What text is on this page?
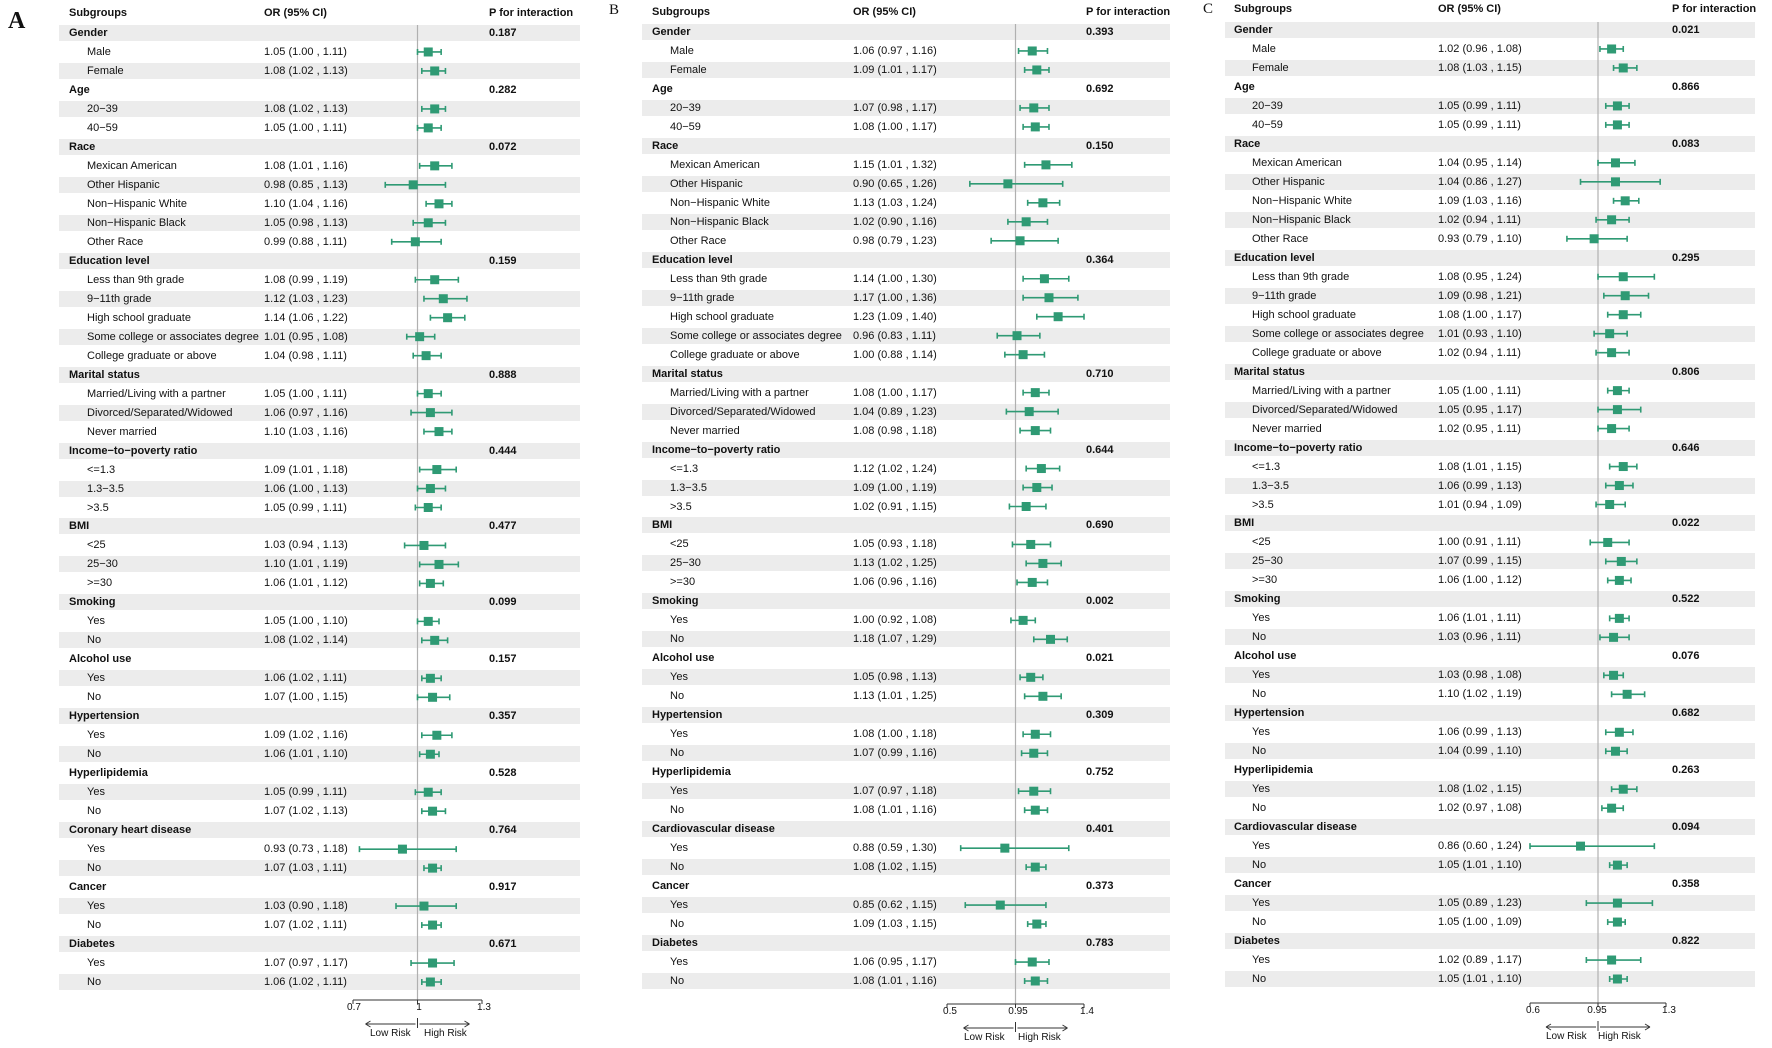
A	Subgroups	OR (95% CI)	P for interaction
Gender	0.187
Male	1.05 (1.00 , 1.11)
Female	1.08 (1.02 , 1.13)
Age	0.282
20−39	1.08 (1.02 , 1.13)
40−59	1.05 (1.00 , 1.11)
Race	0.072
Mexican American	1.08 (1.01 , 1.16)
Other Hispanic	0.98 (0.85 , 1.13)
Non−Hispanic White	1.10 (1.04 , 1.16)
Non−Hispanic Black	1.05 (0.98 , 1.13)
Other Race	0.99 (0.88 , 1.11)
Education level	0.159
Less than 9th grade	1.08 (0.99 , 1.19)
9−11th grade	1.12 (1.03 , 1.23)
High school graduate	1.14 (1.06 , 1.22)
Some college or associates degree 1.01 (0.95 , 1.08)
College graduate or above	1.04 (0.98 , 1.11)
Marital status	0.888
Married/Living with a partner	1.05 (1.00 , 1.11)
Divorced/Separated/Widowed	1.06 (0.97 , 1.16)
Never married	1.10 (1.03 , 1.16)
Income−to−poverty ratio	0.444
<=1.3	1.09 (1.01 , 1.18)
1.3−3.5	1.06 (1.00 , 1.13)
>3.5	1.05 (0.99 , 1.11)
BMI	0.477
<25	1.03 (0.94 , 1.13)
25−30	1.10 (1.01 , 1.19)
>=30	1.06 (1.01 , 1.12)
Smoking	0.099
Yes	1.05 (1.00 , 1.10)
No	1.08 (1.02 , 1.14)
Alcohol use	0.157
Yes	1.06 (1.02 , 1.11)
No	1.07 (1.00 , 1.15)
Hypertension	0.357
Yes	1.09 (1.02 , 1.16)
No	1.06 (1.01 , 1.10)
Hyperlipidemia	0.528
Yes	1.05 (0.99 , 1.11)
No	1.07 (1.02 , 1.13)
Coronary heart disease	0.764
Yes	0.93 (0.73 , 1.18)
No	1.07 (1.03 , 1.11)
Cancer	0.917
Yes	1.03 (0.90 , 1.18)
No	1.07 (1.02 , 1.11)
Diabetes	0.671
Yes	1.07 (0.97 , 1.17)
No	1.06 (1.02 , 1.11)
0.7	1	1.3
Low Risk High Risk
B	Subgroups	OR (95% CI)	P for interaction
Gender	0.393
Male	1.06 (0.97 , 1.16)
Female	1.09 (1.01 , 1.17)
Age	0.692
20−39	1.07 (0.98 , 1.17)
40−59	1.08 (1.00 , 1.17)
Race	0.150
Mexican American	1.15 (1.01 , 1.32)
Other Hispanic	0.90 (0.65 , 1.26)
Non−Hispanic White	1.13 (1.03 , 1.24)
Non−Hispanic Black	1.02 (0.90 , 1.16)
Other Race	0.98 (0.79 , 1.23)
Education level	0.364
Less than 9th grade	1.14 (1.00 , 1.30)
9−11th grade	1.17 (1.00 , 1.36)
High school graduate	1.23 (1.09 , 1.40)
Some college or associates degree 0.96 (0.83 , 1.11)
College graduate or above	1.00 (0.88 , 1.14)
Marital status	0.710
Married/Living with a partner	1.08 (1.00 , 1.17)
Divorced/Separated/Widowed	1.04 (0.89 , 1.23)
Never married	1.08 (0.98 , 1.18)
Income−to−poverty ratio	0.644
<=1.3	1.12 (1.02 , 1.24)
1.3−3.5	1.09 (1.00 , 1.19)
>3.5	1.02 (0.91 , 1.15)
BMI	0.690
<25	1.05 (0.93 , 1.18)
25−30	1.13 (1.02 , 1.25)
>=30	1.06 (0.96 , 1.16)
Smoking	0.002
Yes	1.00 (0.92 , 1.08)
No	1.18 (1.07 , 1.29)
Alcohol use	0.021
Yes	1.05 (0.98 , 1.13)
No	1.13 (1.01 , 1.25)
Hypertension	0.309
Yes	1.08 (1.00 , 1.18)
No	1.07 (0.99 , 1.16)
Hyperlipidemia	0.752
Yes	1.07 (0.97 , 1.18)
No	1.08 (1.01 , 1.16)
Cardiovascular disease	0.401
Yes	0.88 (0.59 , 1.30)
No	1.08 (1.02 , 1.15)
Cancer	0.373
Yes	0.85 (0.62 , 1.15)
No	1.09 (1.03 , 1.15)
Diabetes	0.783
Yes	1.06 (0.95 , 1.17)
No	1.08 (1.01 , 1.16)
0.5	0.95	1.4
Low Risk High Risk
C Subgroups	OR (95% CI)	P for interaction
Gender	0.021
Male	1.02 (0.96 , 1.08)
Female	1.08 (1.03 , 1.15)
Age	0.866
20−39	1.05 (0.99 , 1.11)
40−59	1.05 (0.99 , 1.11)
Race	0.083
Mexican American	1.04 (0.95 , 1.14)
Other Hispanic	1.04 (0.86 , 1.27)
Non−Hispanic White	1.09 (1.03 , 1.16)
Non−Hispanic Black	1.02 (0.94 , 1.11)
Other Race	0.93 (0.79 , 1.10)
Education level	0.295
Less than 9th grade	1.08 (0.95 , 1.24)
9−11th grade	1.09 (0.98 , 1.21)
High school graduate	1.08 (1.00 , 1.17)
Some college or associates degree 1.01 (0.93 , 1.10)
College graduate or above	1.02 (0.94 , 1.11)
Marital status	0.806
Married/Living with a partner	1.05 (1.00 , 1.11)
Divorced/Separated/Widowed	1.05 (0.95 , 1.17)
Never married	1.02 (0.95 , 1.11)
Income−to−poverty ratio	0.646
<=1.3	1.08 (1.01 , 1.15)
1.3−3.5	1.06 (0.99 , 1.13)
>3.5	1.01 (0.94 , 1.09)
BMI	0.022
<25	1.00 (0.91 , 1.11)
25−30	1.07 (0.99 , 1.15)
>=30	1.06 (1.00 , 1.12)
Smoking	0.522
Yes	1.06 (1.01 , 1.11)
No	1.03 (0.96 , 1.11)
Alcohol use	0.076
Yes	1.03 (0.98 , 1.08)
No	1.10 (1.02 , 1.19)
Hypertension	0.682
Yes	1.06 (0.99 , 1.13)
No	1.04 (0.99 , 1.10)
Hyperlipidemia	0.263
Yes	1.08 (1.02 , 1.15)
No	1.02 (0.97 , 1.08)
Cardiovascular disease	0.094
Yes	0.86 (0.60 , 1.24)
No	1.05 (1.01 , 1.10)
Cancer	0.358
Yes	1.05 (0.89 , 1.23)
No	1.05 (1.00 , 1.09)
Diabetes	0.822
Yes	1.02 (0.89 , 1.17)
No	1.05 (1.01 , 1.10)
0.6	0.95	1.3
Low Risk High Risk
